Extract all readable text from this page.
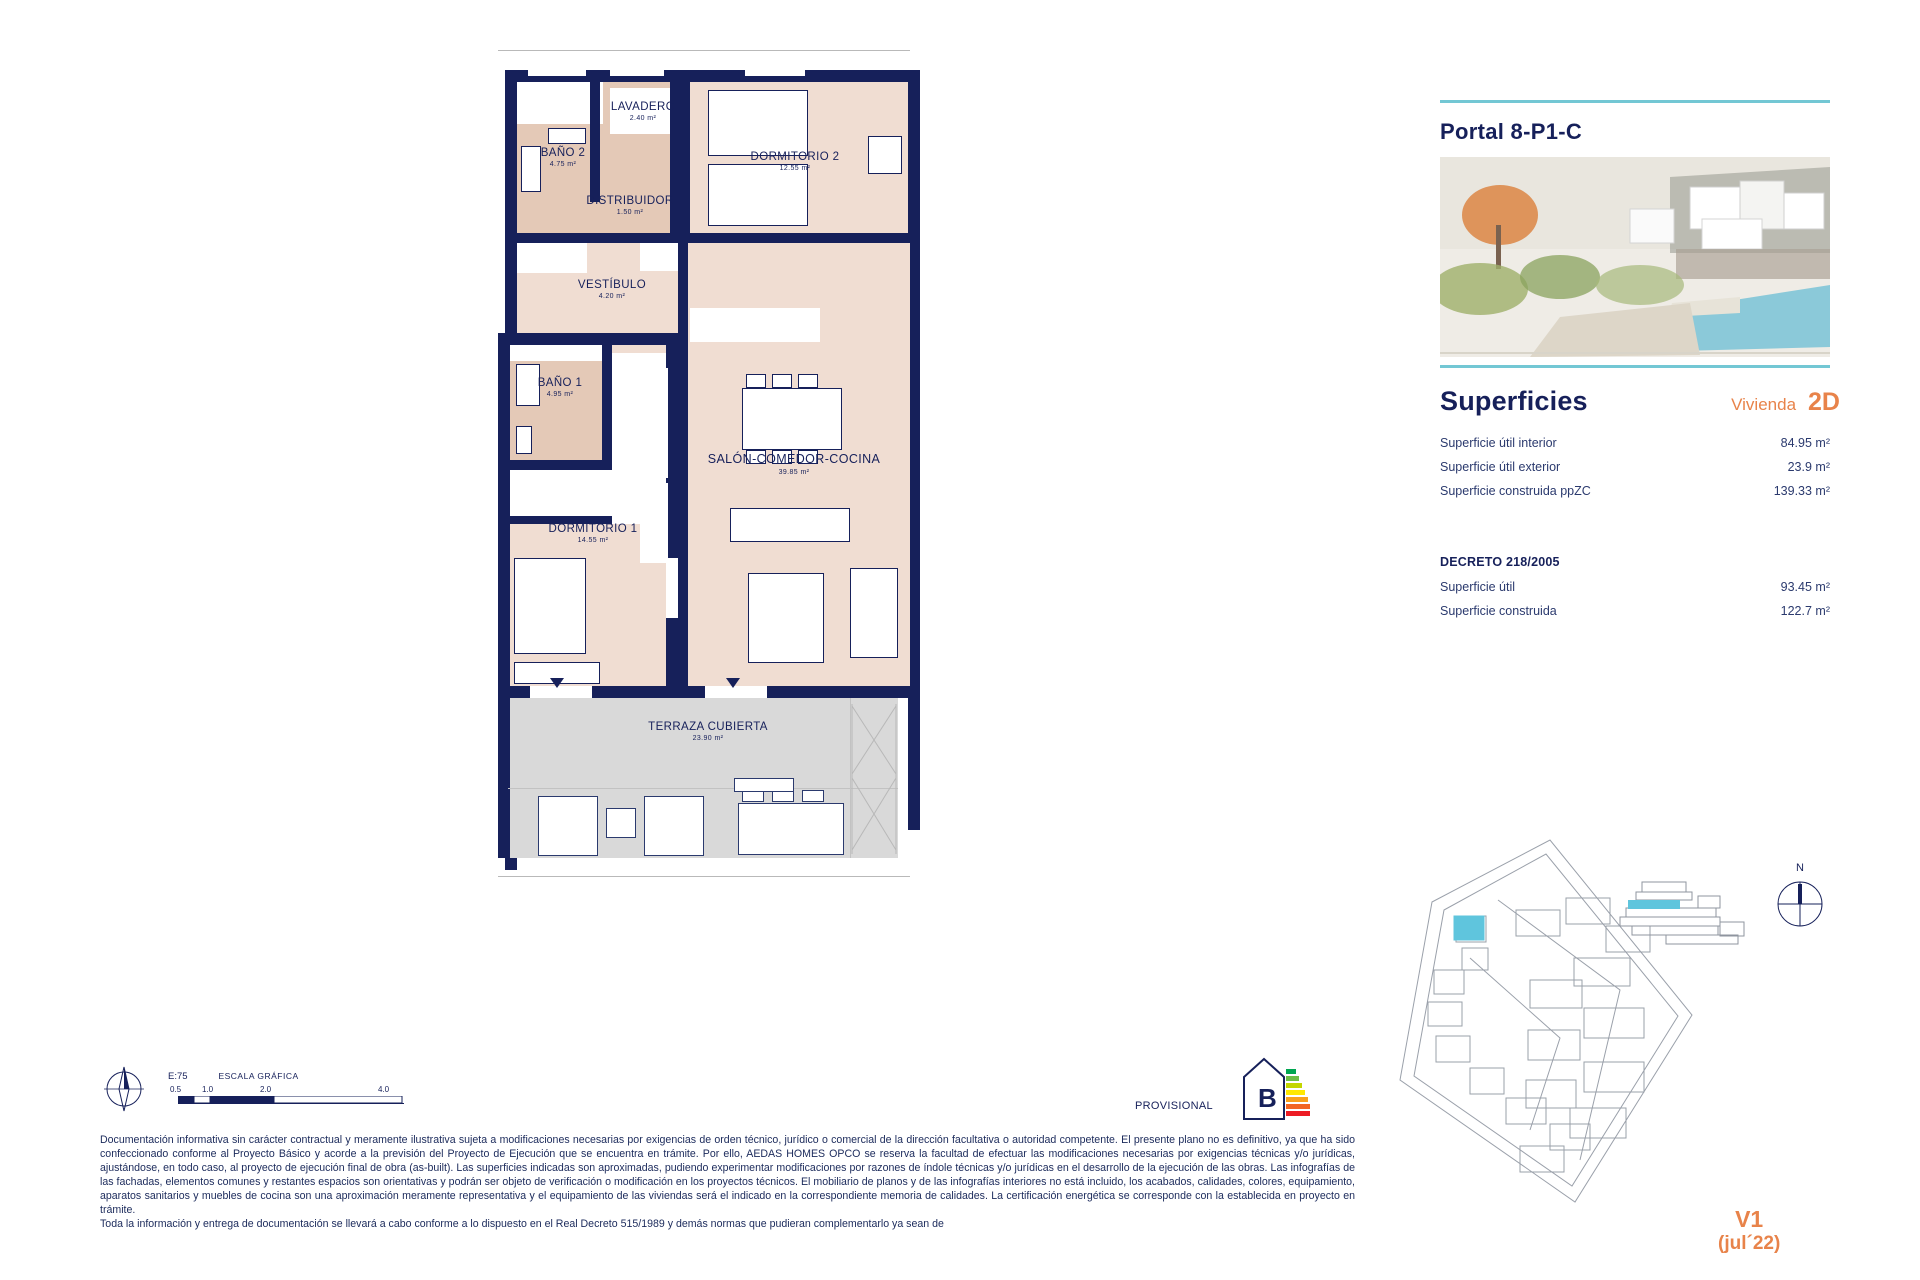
LAVADERO
2.40 m²
BAÑO 2
4.75 m²
DORMITORIO 2
12.55 m²
DISTRIBUIDOR
1.50 m²
VESTÍBULO
4.20 m²
BAÑO 1
4.95 m²
SALÓN-COMEDOR-COCINA
39.85 m²
DORMITORIO 1
14.55 m²
TERRAZA CUBIERTA
23.90 m²
Portal 8-P1-C
Superficies	Vivienda 2D
Superficie útil interior	84.95 m²
Superficie útil exterior	23.9 m²
Superficie construida ppZC	139.33 m²
DECRETO 218/2005
Superficie útil	93.45 m²
Superficie construida	122.7 m²
N
V1
(jul´22)
E:75	ESCALA GRÁFICA
0.5	1.0	2.0	4.0
PROVISIONAL B

Documentación informativa sin carácter contractual y meramente ilustrativa sujeta a modificaciones necesarias por exigencias de orden técnico, jurídico o comercial de la dirección facultativa o autoridad competente. El presente plano no es definitivo, ya que ha sido confeccionado conforme al Proyecto Básico y acorde a la previsión del Proyecto de Ejecución que se encuentra en trámite. Por ello, AEDAS HOMES OPCO se reserva la facultad de efectuar las modificaciones necesarias por exigencias técnicas y/o jurídicas, ajustándose, en todo caso, al proyecto de ejecución final de obra (as-built). Las superficies indicadas son aproximadas, pudiendo experimentar modificaciones por razones de índole técnicas y/o jurídicas en el desarrollo de la ejecución de las obras. Las infografías de las fachadas, elementos comunes y restantes espacios son orientativas y podrán ser objeto de verificación o modificación en los proyectos técnicos. El mobiliario de planos y de las infografías interiores no está incluido, los acabados, calidades, colores, equipamiento, aparatos sanitarios y muebles de cocina son una aproximación meramente representativa y el equipamiento de las viviendas será el indicado en la correspondiente memoria de calidades. La certificación energética se corresponde con la establecida en proyecto en trámite.

Toda la información y entrega de documentación se llevará a cabo conforme a lo dispuesto en el Real Decreto 515/1989 y demás normas que pudieran complementarlo ya sean de
